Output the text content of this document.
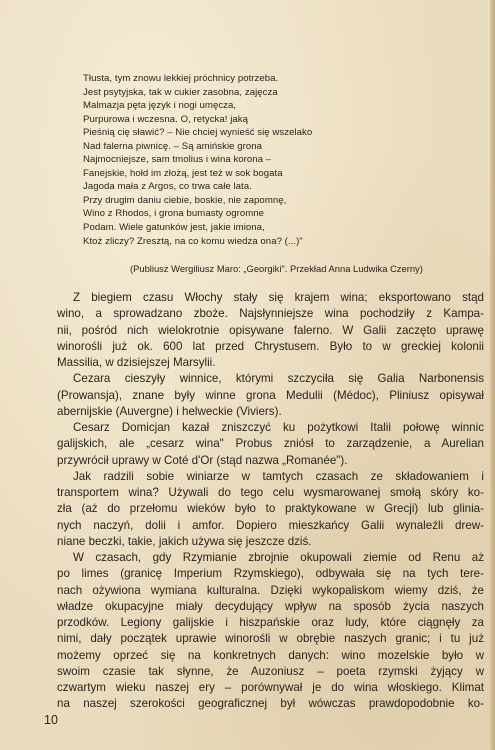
Tłusta, tym znowu lekkiej próchnicy potrzeba.
Jest psytyjska, tak w cukier zasobna, zajęcza
Malmazja pęta język i nogi umęcza,
Purpurowa i wczesna. O, retycka! jaką
Pieśnią cię sławić? – Nie chciej wynieść się wszelako
Nad falerna piwnicę. – Są amińskie grona
Najmocniejsze, sam tmolius i wina korona –
Fanejskie, hołd im złożą, jest też w sok bogata
Jagoda mała z Argos, co trwa całe lata.
Przy drugim daniu ciebie, boskie, nie zapomnę,
Wino z Rhodos, i grona bumasty ogromne
Podam. Wiele gatunków jest, jakie imiona,
Ktoż zliczy? Zresztą, na co komu wiedza ona? (...)"
(Publiusz Wergiliusz Maro: „Georgiki". Przekład Anna Ludwika Czerny)
Z biegiem czasu Włochy stały się krajem wina; eksportowano stąd
wino, a sprowadzano zboże. Najsłynniejsze wina pochodziły z Kampa-
nii, pośród nich wielokrotnie opisywane falerno. W Galii zaczęto uprawę
winorośli już ok. 600 lat przed Chrystusem. Było to w greckiej kolonii
Massilia, w dzisiejszej Marsylii.
Cezara cieszyły winnice, którymi szczyciła się Galia Narbonensis
(Prowansja), znane były winne grona Medulii (Médoc), Pliniusz opisywał
abernijskie (Auvergne) i helweckie (Viviers).
Cesarz Domicjan kazał zniszczyć ku pożytkowi Italii połowę winnic
galijskich, ale „cesarz wina" Probus zniósł to zarządzenie, a Aurelian
przywrócił uprawy w Coté d'Or (stąd nazwa „Romanée").
Jak radzili sobie winiarze w tamtych czasach ze składowaniem i
transportem wina? Używali do tego celu wysmarowanej smołą skóry ko-
zła (aż do przełomu wieków było to praktykowane w Grecji) lub glinia-
nych naczyń, dolii i amfor. Dopiero mieszkańcy Galii wynaleźli drew-
niane beczki, takie, jakich używa się jeszcze dziś.
W czasach, gdy Rzymianie zbrojnie okupowali ziemie od Renu aż
po limes (granicę Imperium Rzymskiego), odbywała się na tych tere-
nach ożywiona wymiana kulturalna. Dzięki wykopaliskom wiemy dziś, że
władze okupacyjne miały decydujący wpływ na sposób życia naszych
przodków. Legiony galijskie i hiszpańskie oraz ludy, które ciągnęły za
nimi, dały początek uprawie winorośli w obrębie naszych granic; i tu już
możemy oprzeć się na konkretnych danych: wino mozelskie było w
swoim czasie tak słynne, że Auzoniusz – poeta rzymski żyjący w
czwartym wieku naszej ery – porównywał je do wina włoskiego. Klimat
na naszej szerokości geograficznej był wówczas prawdopodobnie ko-
10
